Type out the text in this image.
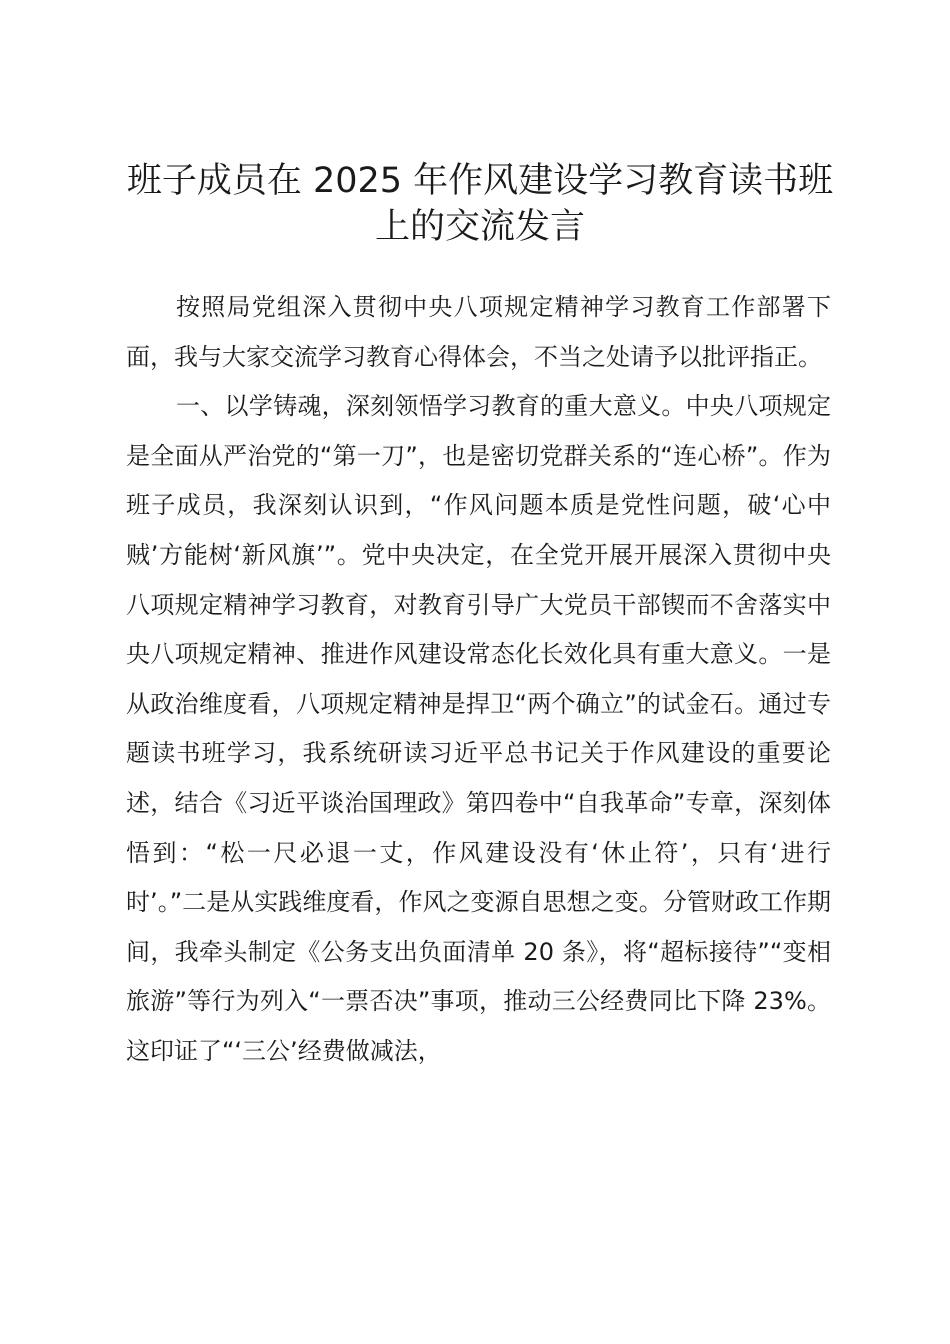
班子成员在 2025 年作风建设学习教育读书班上的交流发言

按照局党组深入贯彻中央八项规定精神学习教育工作部署下面，我与大家交流学习教育心得体会，不当之处请予以批评指正。

一、以学铸魂，深刻领悟学习教育的重大意义。中央八项规定是全面从严治党的“第一刀”，也是密切党群关系的“连心桥”。作为班子成员，我深刻认识到，“作风问题本质是党性问题，破‘心中贼’方能树‘新风旗’”。党中央决定，在全党开展开展深入贯彻中央八项规定精神学习教育，对教育引导广大党员干部锲而不舍落实中央八项规定精神、推进作风建设常态化长效化具有重大意义。一是从政治维度看，八项规定精神是捍卫“两个确立”的试金石。通过专题读书班学习，我系统研读习近平总书记关于作风建设的重要论述，结合《习近平谈治国理政》第四卷中“自我革命”专章，深刻体悟到：“松一尺必退一丈，作风建设没有‘休止符’，只有‘进行时’。”二是从实践维度看，作风之变源自思想之变。分管财政工作期间，我牵头制定《公务支出负面清单 20 条》，将“超标接待”“变相旅游”等行为列入“一票否决”事项，推动三公经费同比下降 23%。这印证了“‘三公’经费做减法，
